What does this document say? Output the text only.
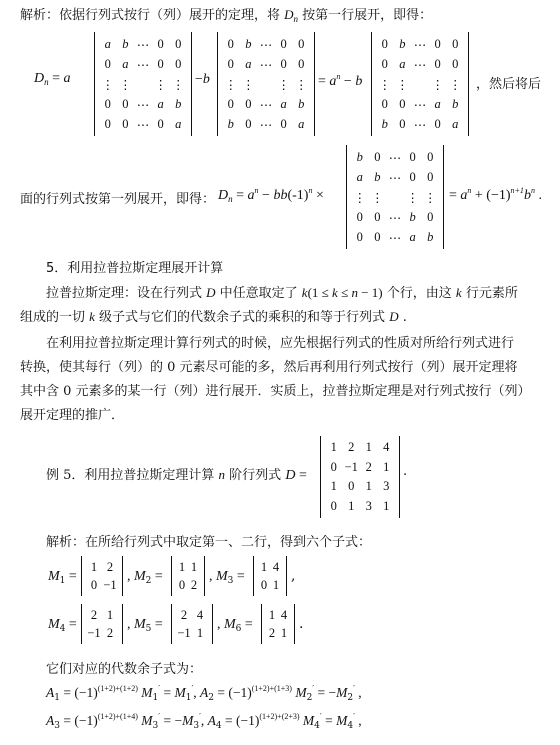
解析：依据行列式按行（列）展开的定理，将 $D_n$ 按第一行展开，即得：
$D_n = a$
a b ⋯ 0 0
0 a ⋯ 0 0
⋮ ⋮ ⋮ ⋮
0 0 ⋯ a b
0 0 ⋯ 0 a
−b
0 b ⋯ 0 0
0 a ⋯ 0 0
⋮ ⋮ ⋮ ⋮
0 0 ⋯ a b
b 0 ⋯ 0 a
= $a^n - b$
0 b ⋯ 0 0
0 a ⋯ 0 0
⋮ ⋮ ⋮ ⋮
0 0 ⋯ a b
b 0 ⋯ 0 a
，然后将后
面的行列式按第一列展开，即得： $D_n = a^n - bb(-1)^n$ ×
b 0 ⋯ 0 0
a b ⋯ 0 0
⋮ ⋮ ⋮ ⋮
0 0 ⋯ b 0
0 0 ⋯ a b
= $a^n + (-1)^{n+1}b^n$ .
5．利用拉普拉斯定理展开计算
拉普拉斯定理：设在行列式 D 中任意取定了 k(1 ≤ k ≤ n − 1) 个行，由这 k 行元素所
组成的一切 k 级子式与它们的代数余子式的乘积的和等于行列式 D .
在利用拉普拉斯定理计算行列式的时候，应先根据行列式的性质对所给行列式进行
转换，使其每行（列）的 0 元素尽可能的多，然后再利用行列式按行（列）展开定理将
其中含 0 元素多的某一行（列）进行展开．实质上，拉普拉斯定理是对行列式按行（列）
展开定理的推广．
例 5．利用拉普拉斯定理计算 n 阶行列式 D =
1 2 1 4
0 −1 2 1
1 0 1 3
0 1 3 1
.
解析：在所给行列式中取定第一、二行，得到六个子式：
$M_1$ =
1 2
0 −1
, $M_2$ =
1 1
0 2
, $M_3$ =
1 4
0 1
,
$M_4$ =
2 1
−1 2
, $M_5$ =
2 4
−1 1
, $M_6$ =
1 4
2 1
.
它们对应的代数余子式为：
$A_1 = (-1)^{(1+2)+(1+2)}$ $M_1' = M_1'$, $A_2 = (-1)^{(1+2)+(1+3)}$ $M_2' = -M_2'$ ,
$A_3 = (-1)^{(1+2)+(1+4)}$ $M_3' = -M_3'$, $A_4 = (-1)^{(1+2)+(2+3)}$ $M_4' = M_4'$ ,
